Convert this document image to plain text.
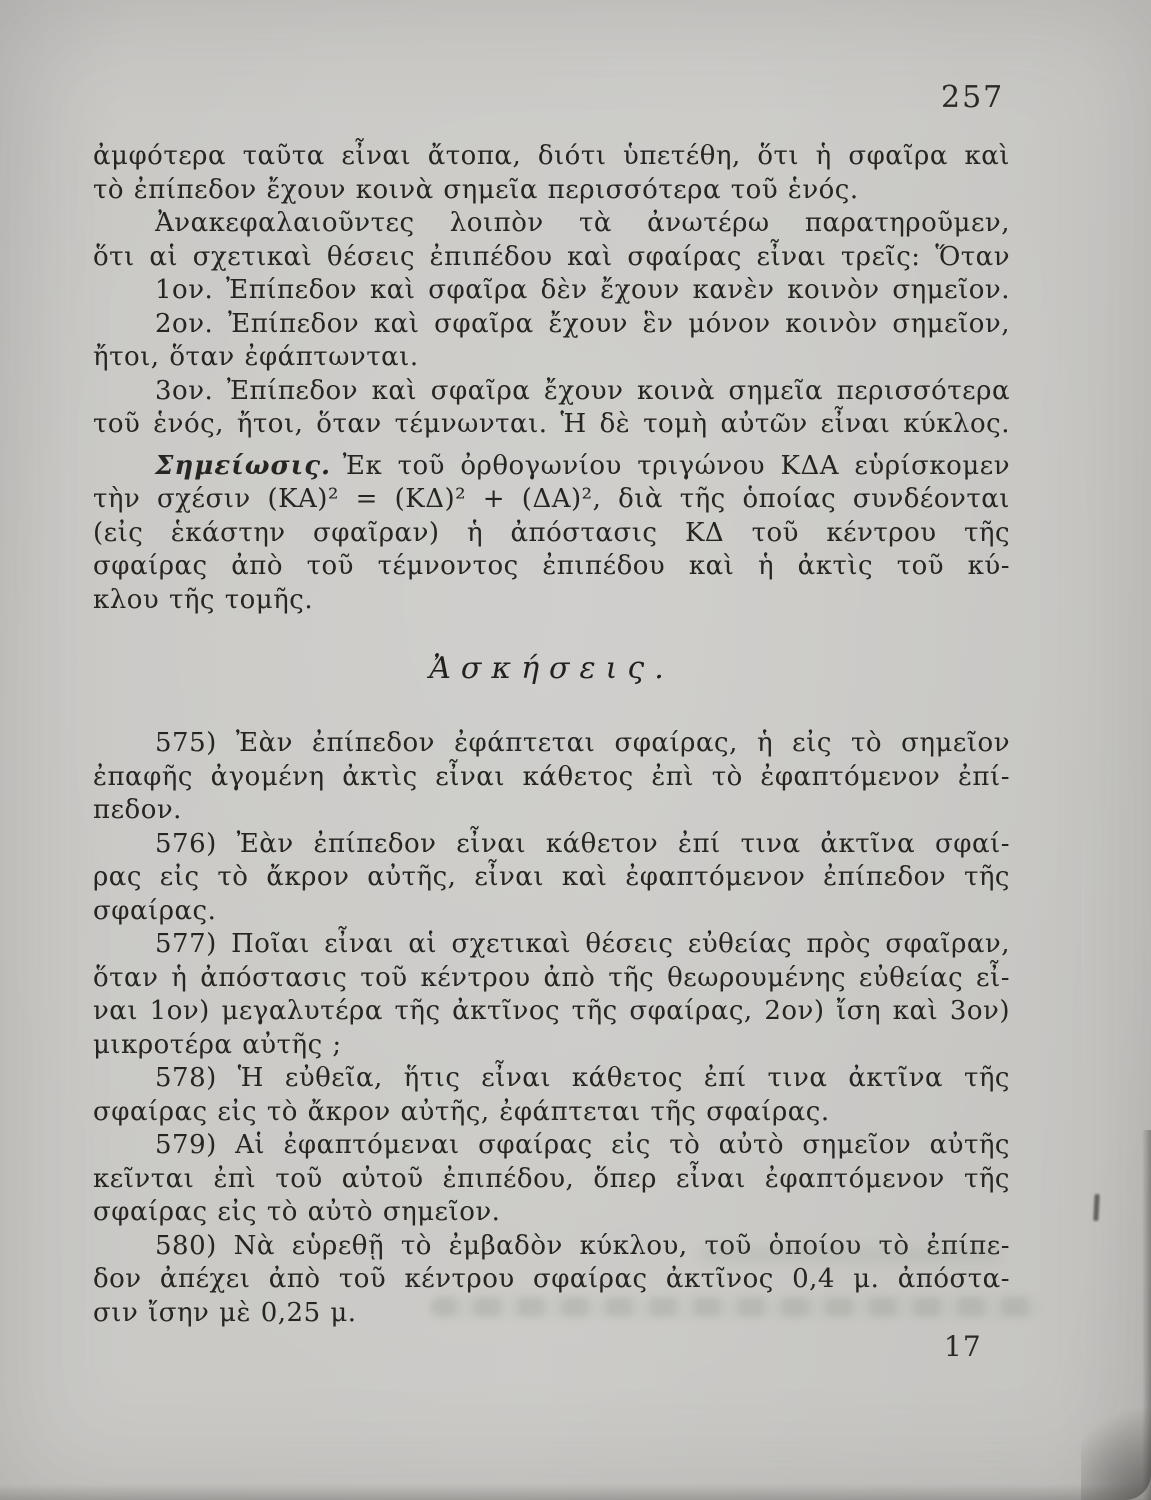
257
ἀμφότερα ταῦτα εἶναι ἄτοπα, διότι ὑπετέθη, ὅτι ἡ σφαῖρα καὶ
τὸ ἐπίπεδον ἔχουν κοινὰ σημεῖα περισσότερα τοῦ ἑνός.
Ἀνακεφαλαιοῦντες λοιπὸν τὰ ἀνωτέρω παρατηροῦμεν,
ὅτι αἱ σχετικαὶ θέσεις ἐπιπέδου καὶ σφαίρας εἶναι τρεῖς: Ὅταν
1ον. Ἐπίπεδον καὶ σφαῖρα δὲν ἔχουν κανὲν κοινὸν σημεῖον.
2ον. Ἐπίπεδον καὶ σφαῖρα ἔχουν ἓν μόνον κοινὸν σημεῖον,
ἤτοι, ὅταν ἐφάπτωνται.
3ον. Ἐπίπεδον καὶ σφαῖρα ἔχουν κοινὰ σημεῖα περισσότερα
τοῦ ἑνός, ἤτοι, ὅταν τέμνωνται. Ἡ δὲ τομὴ αὐτῶν εἶναι κύκλος.
Σημείωσις. Ἐκ τοῦ ὀρθογωνίου τριγώνου ΚΔΑ εὑρίσκομεν
τὴν σχέσιν (ΚΑ)² = (ΚΔ)² + (ΔΑ)², διὰ τῆς ὁποίας συνδέονται
(εἰς ἑκάστην σφαῖραν) ἡ ἀπόστασις ΚΔ τοῦ κέντρου τῆς
σφαίρας ἀπὸ τοῦ τέμνοντος ἐπιπέδου καὶ ἡ ἀκτὶς τοῦ κύ-
κλου τῆς τομῆς.
Ἀσκήσεις.
575) Ἐὰν ἐπίπεδον ἐφάπτεται σφαίρας, ἡ εἰς τὸ σημεῖον
ἐπαφῆς ἀγομένη ἀκτὶς εἶναι κάθετος ἐπὶ τὸ ἐφαπτόμενον ἐπί-
πεδον.
576) Ἐὰν ἐπίπεδον εἶναι κάθετον ἐπί τινα ἀκτῖνα σφαί-
ρας εἰς τὸ ἄκρον αὐτῆς, εἶναι καὶ ἐφαπτόμενον ἐπίπεδον τῆς
σφαίρας.
577) Ποῖαι εἶναι αἱ σχετικαὶ θέσεις εὐθείας πρὸς σφαῖραν,
ὅταν ἡ ἀπόστασις τοῦ κέντρου ἀπὸ τῆς θεωρουμένης εὐθείας εἶ-
ναι 1ον) μεγαλυτέρα τῆς ἀκτῖνος τῆς σφαίρας, 2ον) ἴση καὶ 3ον)
μικροτέρα αὐτῆς ;
578) Ἡ εὐθεῖα, ἥτις εἶναι κάθετος ἐπί τινα ἀκτῖνα τῆς
σφαίρας εἰς τὸ ἄκρον αὐτῆς, ἐφάπτεται τῆς σφαίρας.
579) Αἱ ἐφαπτόμεναι σφαίρας εἰς τὸ αὐτὸ σημεῖον αὐτῆς
κεῖνται ἐπὶ τοῦ αὐτοῦ ἐπιπέδου, ὅπερ εἶναι ἐφαπτόμενον τῆς
σφαίρας εἰς τὸ αὐτὸ σημεῖον.
580) Νὰ εὑρεθῇ τὸ ἐμβαδὸν κύκλου, τοῦ ὁποίου τὸ ἐπίπε-
δον ἀπέχει ἀπὸ τοῦ κέντρου σφαίρας ἀκτῖνος 0,4 μ. ἀπόστα-
σιν ἴσην μὲ 0,25 μ.
17
